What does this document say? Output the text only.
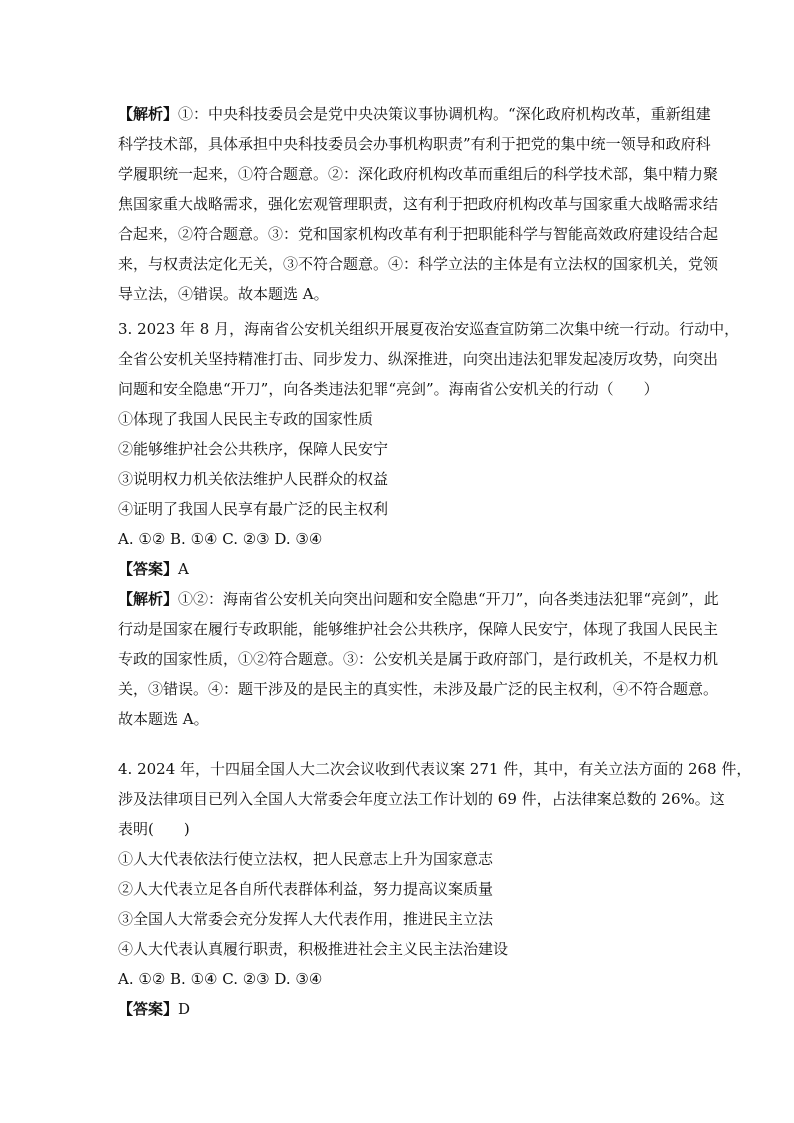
【解析】①：中央科技委员会是党中央决策议事协调机构。“深化政府机构改革，重新组建
科学技术部，具体承担中央科技委员会办事机构职责”有利于把党的集中统一领导和政府科
学履职统一起来，①符合题意。②：深化政府机构改革而重组后的科学技术部，集中精力聚
焦国家重大战略需求，强化宏观管理职责，这有利于把政府机构改革与国家重大战略需求结
合起来，②符合题意。③：党和国家机构改革有利于把职能科学与智能高效政府建设结合起
来，与权责法定化无关，③不符合题意。④：科学立法的主体是有立法权的国家机关，党领
导立法，④错误。故本题选 A。
3. 2023 年 8 月，海南省公安机关组织开展夏夜治安巡查宣防第二次集中统一行动。行动中，
全省公安机关坚持精准打击、同步发力、纵深推进，向突出违法犯罪发起凌厉攻势，向突出
问题和安全隐患“开刀”，向各类违法犯罪“亮剑”。海南省公安机关的行动（　　）
①体现了我国人民民主专政的国家性质
②能够维护社会公共秩序，保障人民安宁
③说明权力机关依法维护人民群众的权益
④证明了我国人民享有最广泛的民主权利
A. ①② B. ①④ C. ②③ D. ③④
【答案】A
【解析】①②：海南省公安机关向突出问题和安全隐患“开刀”，向各类违法犯罪“亮剑”，此
行动是国家在履行专政职能，能够维护社会公共秩序，保障人民安宁，体现了我国人民民主
专政的国家性质，①②符合题意。③：公安机关是属于政府部门，是行政机关，不是权力机
关，③错误。④：题干涉及的是民主的真实性，未涉及最广泛的民主权利，④不符合题意。
故本题选 A。
4. 2024 年，十四届全国人大二次会议收到代表议案 271 件，其中，有关立法方面的 268 件，
涉及法律项目已列入全国人大常委会年度立法工作计划的 69 件，占法律案总数的 26%。这
表明(　　)
①人大代表依法行使立法权，把人民意志上升为国家意志
②人大代表立足各自所代表群体利益，努力提高议案质量
③全国人大常委会充分发挥人大代表作用，推进民主立法
④人大代表认真履行职责，积极推进社会主义民主法治建设
A. ①② B. ①④ C. ②③ D. ③④
【答案】D
